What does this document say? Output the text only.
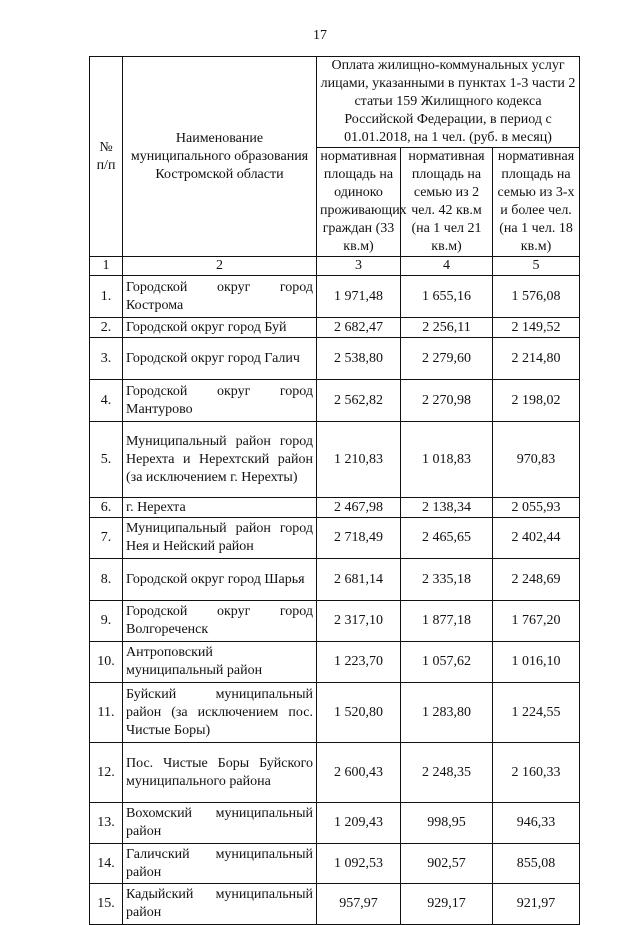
17
№ п/п	Наименование муниципального образования Костромской области	Оплата жилищно-коммунальных услуг лицами, указанными в пунктах 1-3 части 2 статьи 159 Жилищного кодекса Российской Федерации, в период с 01.01.2018, на 1 чел. (руб. в месяц)		
		нормативная площадь на одиноко проживающих граждан (33 кв.м)	нормативная площадь на семью из 2 чел. 42 кв.м (на 1 чел 21 кв.м)	нормативная площадь на семью из 3-х и более чел. (на 1 чел. 18 кв.м)
1	2	3	4	5
1.	Городской округ город Кострома	1 971,48	1 655,16	1 576,08
2.	Городской округ город Буй	2 682,47	2 256,11	2 149,52
3.	Городской округ город Галич	2 538,80	2 279,60	2 214,80
4.	Городской округ город Мантурово	2 562,82	2 270,98	2 198,02
5.	Муниципальный район город Нерехта и Нерехтский район (за исключением г. Нерехты)	1 210,83	1 018,83	970,83
6.	г. Нерехта	2 467,98	2 138,34	2 055,93
7.	Муниципальный район город Нея и Нейский район	2 718,49	2 465,65	2 402,44
8.	Городской округ город Шарья	2 681,14	2 335,18	2 248,69
9.	Городской округ город Волгореченск	2 317,10	1 877,18	1 767,20
10.	Антроповский муниципальный район	1 223,70	1 057,62	1 016,10
11.	Буйский муниципальный район (за исключением пос. Чистые Боры)	1 520,80	1 283,80	1 224,55
12.	Пос. Чистые Боры Буйского муниципального района	2 600,43	2 248,35	2 160,33
13.	Вохомский муниципальный район	1 209,43	998,95	946,33
14.	Галичский муниципальный район	1 092,53	902,57	855,08
15.	Кадыйский муниципальный район	957,97	929,17	921,97
